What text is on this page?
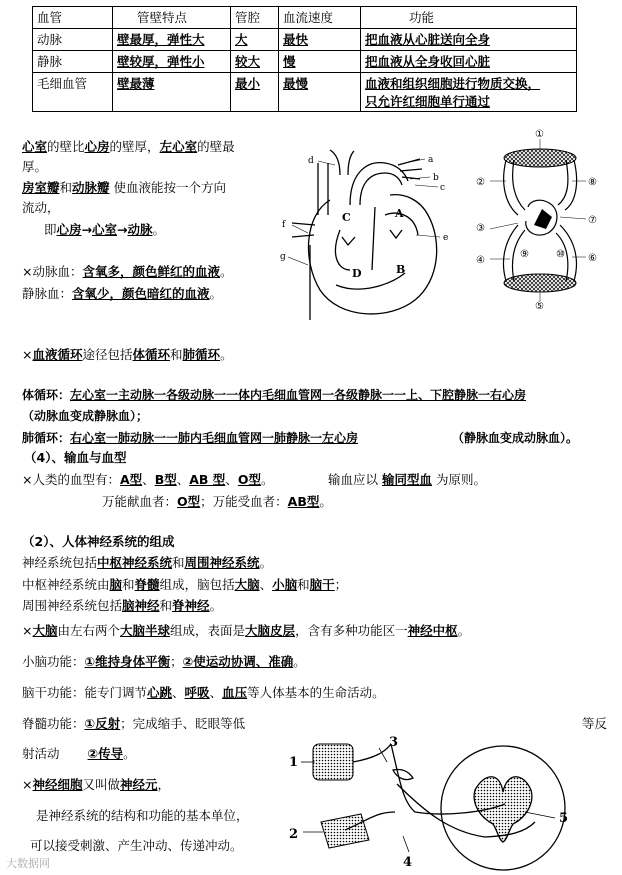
血管	管壁特点	管腔	血流速度	功能
动脉	壁最厚，弹性大	大	最快	把血液从心脏送向全身
静脉	壁较厚，弹性小	较大	慢	把血液从全身收回心脏
毛细血管	壁最薄	最小	最慢	血液和组织细胞进行物质交换，
只允许红细胞单行通过
心室的壁比心房的壁厚，左心室的壁最
厚。
房室瓣和动脉瓣 使血液能按一个方向
流动，
即心房→心室→动脉。
×动脉血：含氧多，颜色鲜红的血液。
静脉血：含氧少，颜色暗红的血液。
×血液循环途径包括体循环和肺循环。
体循环：左心室一主动脉一各级动脉一一体内毛细血管网一各级静脉一一上、下腔静脉一右心房
（动脉血变成静脉血）；
肺循环：右心室一肺动脉一一肺内毛细血管网一肺静脉一左心房	（静脉血变成动脉血）。
（4）、输血与血型
×人类的血型有：A型、B型、AB 型、O型。	输血应以 输同型血 为原则。
万能献血者：O型；万能受血者：AB型。
（2）、人体神经系统的组成
神经系统包括中枢神经系统和周围神经系统。
中枢神经系统由脑和脊髓组成，脑包括大脑、小脑和脑干；
周围神经系统包括脑神经和脊神经。
×大脑由左右两个大脑半球组成，表面是大脑皮层，含有多种功能区一神经中枢。
小脑功能：①维持身体平衡；②使运动协调、准确。
脑干功能：能专门调节心跳、呼吸、血压等人体基本的生命活动。
脊髓功能：①反射；完成缩手、眨眼等低	等反
射活动 ②传导。
×神经细胞又叫做神经元，
是神经系统的结构和功能的基本单位，
可以接受刺激、产生冲动、传递冲动。
d	a
b
c
e
f
g
C	A
D	B
①
②	⑧
③
⑦
④	⑥
⑨	⑩
⑤
1
2
3
4
5
大数据网
